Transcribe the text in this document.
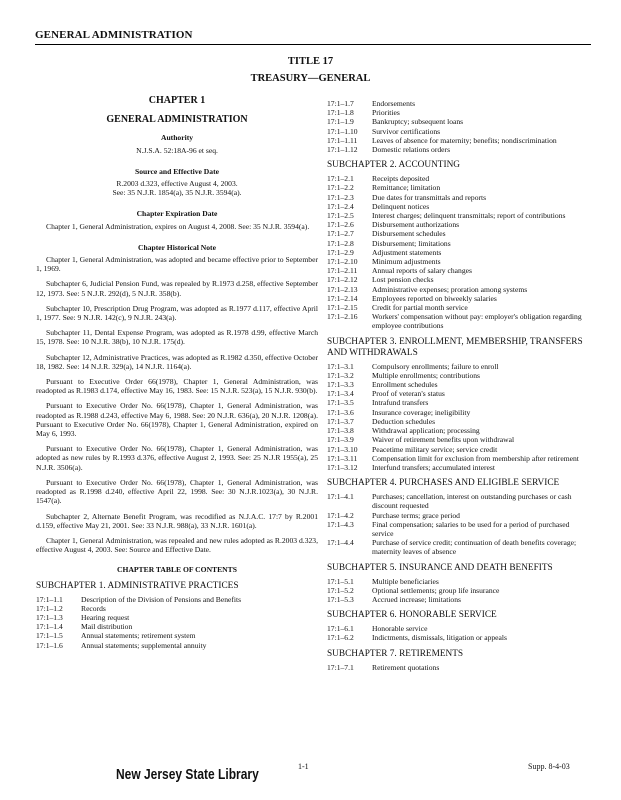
GENERAL ADMINISTRATION
TITLE 17
TREASURY—GENERAL
CHAPTER 1
GENERAL ADMINISTRATION
Authority
N.J.S.A. 52:18A-96 et seq.
Source and Effective Date
R.2003 d.323, effective August 4, 2003.
See: 35 N.J.R. 1854(a), 35 N.J.R. 3594(a).
Chapter Expiration Date

Chapter 1, General Administration, expires on August 4, 2008. See: 35 N.J.R. 3594(a).

Chapter Historical Note

Chapter 1, General Administration, was adopted and became effective prior to September 1, 1969.

Subchapter 6, Judicial Pension Fund, was repealed by R.1973 d.258, effective September 12, 1973. See: 5 N.J.R. 292(d), 5 N.J.R. 358(b).

Subchapter 10, Prescription Drug Program, was adopted as R.1977 d.117, effective April 1, 1977. See: 9 N.J.R. 142(c), 9 N.J.R. 243(a).

Subchapter 11, Dental Expense Program, was adopted as R.1978 d.99, effective March 15, 1978. See: 10 N.J.R. 38(b), 10 N.J.R. 175(d).

Subchapter 12, Administrative Practices, was adopted as R.1982 d.350, effective October 18, 1982. See: 14 N.J.R. 329(a), 14 N.J.R. 1164(a).

Pursuant to Executive Order 66(1978), Chapter 1, General Administration, was readopted as R.1983 d.174, effective May 16, 1983. See: 15 N.J.R. 523(a), 15 N.J.R. 930(b).

Pursuant to Executive Order No. 66(1978), Chapter 1, General Administration, was readopted as R.1988 d.243, effective May 6, 1988. See: 20 N.J.R. 636(a), 20 N.J.R. 1208(a). Pursuant to Executive Order No. 66(1978), Chapter 1, General Administration, expired on May 6, 1993.

Pursuant to Executive Order No. 66(1978), Chapter 1, General Administration, was adopted as new rules by R.1993 d.376, effective August 2, 1993. See: 25 N.J.R 1955(a), 25 N.J.R. 3506(a).

Pursuant to Executive Order No. 66(1978), Chapter 1, General Administration, was readopted as R.1998 d.240, effective April 22, 1998. See: 30 N.J.R.1023(a), 30 N.J.R. 1547(a).

Subchapter 2, Alternate Benefit Program, was recodified as N.J.A.C. 17:7 by R.2001 d.159, effective May 21, 2001. See: 33 N.J.R. 988(a), 33 N.J.R. 1601(a).

Chapter 1, General Administration, was repealed and new rules adopted as R.2003 d.323, effective August 4, 2003. See: Source and Effective Date.

CHAPTER TABLE OF CONTENTS
SUBCHAPTER 1. ADMINISTRATIVE PRACTICES
17:1–1.1	Description of the Division of Pensions and Benefits
17:1–1.2	Records
17:1–1.3	Hearing request
17:1–1.4	Mail distribution
17:1–1.5	Annual statements; retirement system
17:1–1.6	Annual statements; supplemental annuity
17:1–1.7	Endorsements
17:1–1.8	Priorities
17:1–1.9	Bankruptcy; subsequent loans
17:1–1.10	Survivor certifications
17:1–1.11	Leaves of absence for maternity; benefits; nondiscrimination
17:1–1.12	Domestic relations orders
SUBCHAPTER 2. ACCOUNTING
17:1–2.1	Receipts deposited
17:1–2.2	Remittance; limitation
17:1–2.3	Due dates for transmittals and reports
17:1–2.4	Delinquent notices
17:1–2.5	Interest charges; delinquent transmittals; report of contributions
17:1–2.6	Disbursement authorizations
17:1–2.7	Disbursement schedules
17:1–2.8	Disbursement; limitations
17:1–2.9	Adjustment statements
17:1–2.10	Minimum adjustments
17:1–2.11	Annual reports of salary changes
17:1–2.12	Lost pension checks
17:1–2.13	Administrative expenses; proration among systems
17:1–2.14	Employees reported on biweekly salaries
17:1–2.15	Credit for partial month service
17:1–2.16	Workers' compensation without pay: employer's obligation regarding employee contributions
SUBCHAPTER 3. ENROLLMENT, MEMBERSHIP, TRANSFERS AND WITHDRAWALS
17:1–3.1	Compulsory enrollments; failure to enroll
17:1–3.2	Multiple enrollments; contributions
17:1–3.3	Enrollment schedules
17:1–3.4	Proof of veteran's status
17:1–3.5	Intrafund transfers
17:1–3.6	Insurance coverage; ineligibility
17:1–3.7	Deduction schedules
17:1–3.8	Withdrawal application; processing
17:1–3.9	Waiver of retirement benefits upon withdrawal
17:1–3.10	Peacetime military service; service credit
17:1–3.11	Compensation limit for exclusion from membership after retirement
17:1–3.12	Interfund transfers; accumulated interest
SUBCHAPTER 4. PURCHASES AND ELIGIBLE SERVICE
17:1–4.1	Purchases; cancellation, interest on outstanding purchases or cash discount requested
17:1–4.2	Purchase terms; grace period
17:1–4.3	Final compensation; salaries to be used for a period of purchased service
17:1–4.4	Purchase of service credit; continuation of death benefits coverage; maternity leaves of absence
SUBCHAPTER 5. INSURANCE AND DEATH BENEFITS
17:1–5.1	Multiple beneficiaries
17:1–5.2	Optional settlements; group life insurance
17:1–5.3	Accrued increase; limitations
SUBCHAPTER 6. HONORABLE SERVICE
17:1–6.1	Honorable service
17:1–6.2	Indictments, dismissals, litigation or appeals
SUBCHAPTER 7. RETIREMENTS
17:1–7.1	Retirement quotations
1-1	Supp. 8-4-03
New Jersey State Library
